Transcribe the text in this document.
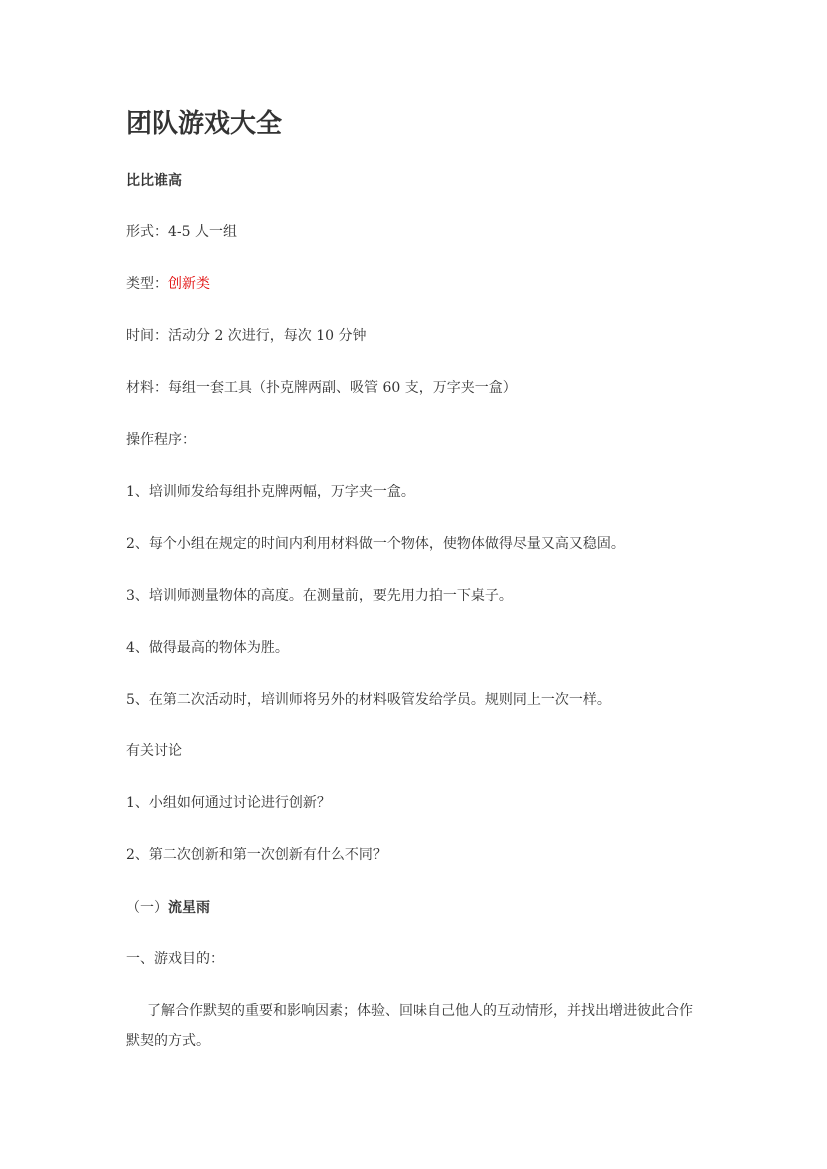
团队游戏大全
比比谁高
形式：4-5 人一组
类型：创新类
时间：活动分 2 次进行，每次 10 分钟
材料：每组一套工具（扑克牌两副、吸管 60 支，万字夹一盒）
操作程序：
1、培训师发给每组扑克牌两幅，万字夹一盒。
2、每个小组在规定的时间内利用材料做一个物体，使物体做得尽量又高又稳固。
3、培训师测量物体的高度。在测量前，要先用力拍一下桌子。
4、做得最高的物体为胜。
5、在第二次活动时，培训师将另外的材料吸管发给学员。规则同上一次一样。
有关讨论
1、小组如何通过讨论进行创新？
2、第二次创新和第一次创新有什么不同？
（一）流星雨
一、游戏目的：
了解合作默契的重要和影响因素；体验、回味自己他人的互动情形，并找出增进彼此合作默契的方式。
